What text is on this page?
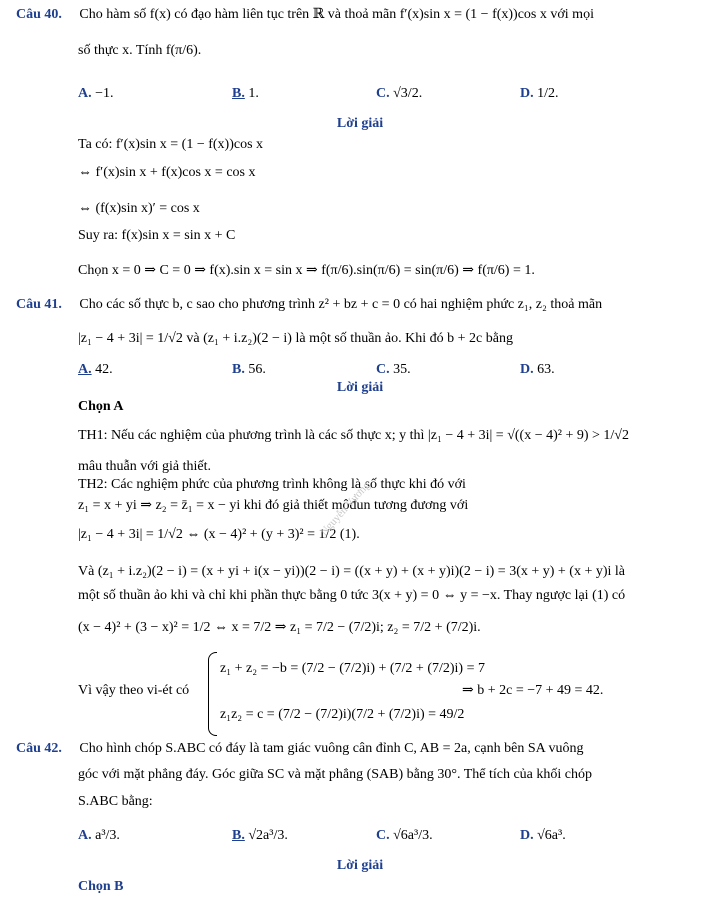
Câu 40. Cho hàm số f(x) có đạo hàm liên tục trên ℝ và thoả mãn f′(x)sin x = (1 − f(x))cos x với mọi
số thực x. Tính f(π/6).
A. −1.	B. 1.	C. √3/2.	D. 1/2.
Lời giải
Ta có: f′(x)sin x = (1 − f(x))cos x
⇔ f′(x)sin x + f(x)cos x = cos x
⇔ (f(x)sin x)′ = cos x
Suy ra: f(x)sin x = sin x + C
Chọn x = 0 ⇒ C = 0 ⇒ f(x).sin x = sin x ⇒ f(π/6).sin(π/6) = sin(π/6) ⇒ f(π/6) = 1.
Câu 41. Cho các số thực b, c sao cho phương trình z² + bz + c = 0 có hai nghiệm phức z₁, z₂ thoả mãn
|z₁ − 4 + 3i| = 1/√2 và (z₁ + i.z₂)(2 − i) là một số thuần ảo. Khi đó b + 2c bằng
A. 42.	B. 56.	C. 35.	D. 63.
Lời giải
Chọn A
TH1: Nếu các nghiệm của phương trình là các số thực x; y thì |z₁ − 4 + 3i| = √((x − 4)² + 9) > 1/√2
mâu thuẫn với giả thiết.
TH2: Các nghiệm phức của phương trình không là số thực khi đó với
z₁ = x + yi ⇒ z₂ = z̄₁ = x − yi khi đó giả thiết môđun tương đương với
|z₁ − 4 + 3i| = 1/√2 ⇔ (x − 4)² + (y + 3)² = 1/2 (1).
Và (z₁ + i.z₂)(2 − i) = (x + yi + i(x − yi))(2 − i) = ((x + y) + (x + y)i)(2 − i) = 3(x + y) + (x + y)i là
một số thuần ảo khi và chỉ khi phần thực bằng 0 tức 3(x + y) = 0 ⇔ y = −x. Thay ngược lại (1) có
(x − 4)² + (3 − x)² = 1/2 ⇔ x = 7/2 ⇒ z₁ = 7/2 − (7/2)i; z₂ = 7/2 + (7/2)i.
Vì vậy theo vi-ét có
z₁ + z₂ = −b = (7/2 − (7/2)i) + (7/2 + (7/2)i) = 7
z₁z₂ = c = (7/2 − (7/2)i)(7/2 + (7/2)i) = 49/2
⇒ b + 2c = −7 + 49 = 42.
Câu 42. Cho hình chóp S.ABC có đáy là tam giác vuông cân đỉnh C, AB = 2a, cạnh bên SA vuông
góc với mặt phẳng đáy. Góc giữa SC và mặt phẳng (SAB) bằng 30°. Thể tích của khối chóp
S.ABC bằng:
A. a³/3.	B. √2a³/3.	C. √6a³/3.	D. √6a³.
Lời giải
Chọn B
Nguyễn Vương
